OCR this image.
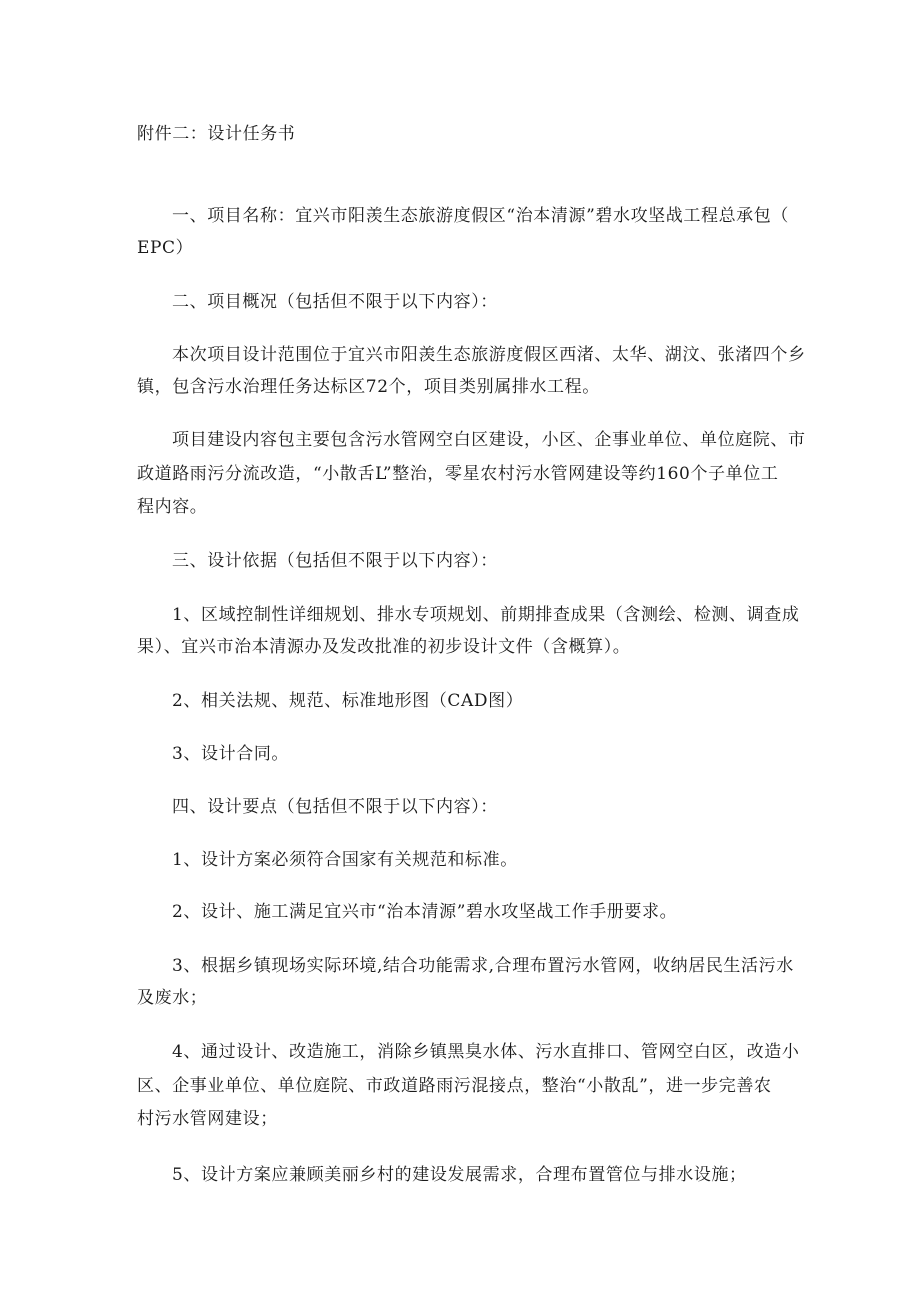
附件二：设计任务书
一、项目名称：宜兴市阳羡生态旅游度假区“治本清源”碧水攻坚战工程总承包（
EPC）
二、项目概况（包括但不限于以下内容）：
本次项目设计范围位于宜兴市阳羡生态旅游度假区西渚、太华、湖汶、张渚四个乡
镇，包含污水治理任务达标区72个，项目类别属排水工程。
项目建设内容包主要包含污水管网空白区建设，小区、企事业单位、单位庭院、市
政道路雨污分流改造，“小散舌L”整治，零星农村污水管网建设等约160个子单位工
程内容。
三、设计依据（包括但不限于以下内容）：
1、区域控制性详细规划、排水专项规划、前期排查成果（含测绘、检测、调查成
果）、宜兴市治本清源办及发改批准的初步设计文件（含概算）。
2、相关法规、规范、标准地形图（CAD图）
3、设计合同。
四、设计要点（包括但不限于以下内容）：
1、设计方案必须符合国家有关规范和标准。
2、设计、施工满足宜兴市“治本清源”碧水攻坚战工作手册要求。
3、根据乡镇现场实际环境,结合功能需求,合理布置污水管网，收纳居民生活污水
及废水；
4、通过设计、改造施工，消除乡镇黑臭水体、污水直排口、管网空白区，改造小
区、企事业单位、单位庭院、市政道路雨污混接点，整治“小散乱”，进一步完善农
村污水管网建设；
5、设计方案应兼顾美丽乡村的建设发展需求，合理布置管位与排水设施；
